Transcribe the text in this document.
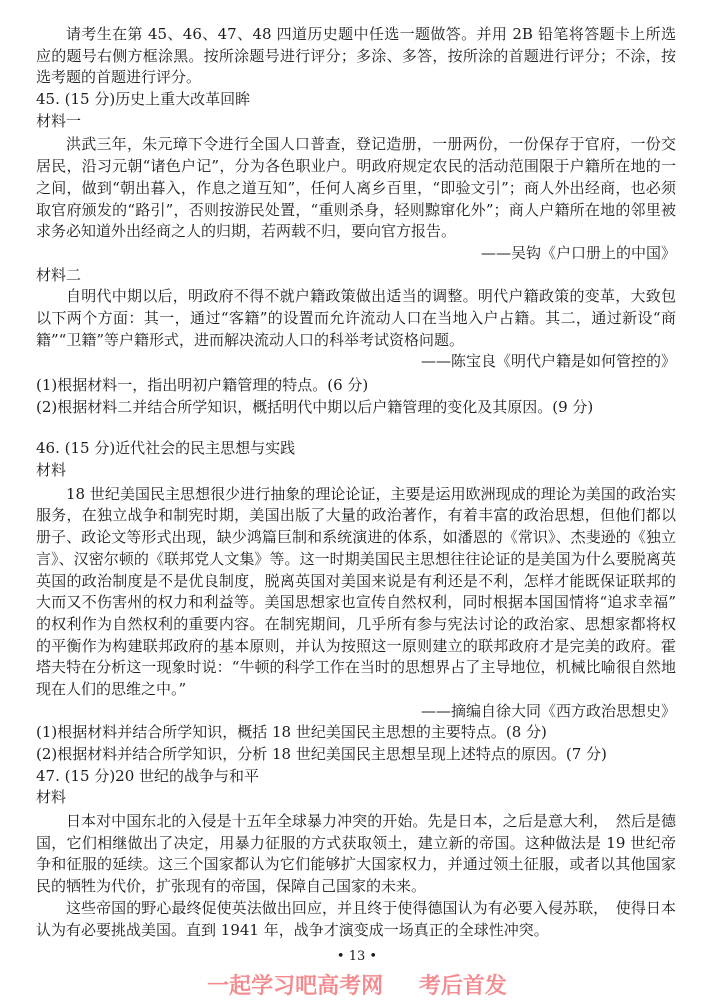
请考生在第 45、46、47、48 四道历史题中任选一题做答。并用 2B 铅笔将答题卡上所选
应的题号右侧方框涂黑。按所涂题号进行评分；多涂、多答，按所涂的首题进行评分；不涂，按
选考题的首题进行评分。
45. (15 分)历史上重大改革回眸
材料一
洪武三年，朱元璋下令进行全国人口普查，登记造册，一册两份，一份保存于官府，一份交
居民，沿习元朝“诸色户记”，分为各色职业户。明政府规定农民的活动范围限于户籍所在地的一
之间，做到“朝出暮入，作息之道互知”，任何人离乡百里，“即验文引”；商人外出经商，也必须
取官府颁发的“路引”，否则按游民处置，“重则杀身，轻则黥窜化外”；商人户籍所在地的邻里被
求务必知道外出经商之人的归期，若两载不归，要向官方报告。
——吴钩《户口册上的中国》
材料二
自明代中期以后，明政府不得不就户籍政策做出适当的调整。明代户籍政策的变革，大致包
以下两个方面：其一，通过“客籍”的设置而允许流动人口在当地入户占籍。其二，通过新设“商
籍”“卫籍”等户籍形式，进而解决流动人口的科举考试资格问题。
——陈宝良《明代户籍是如何管控的》
(1)根据材料一，指出明初户籍管理的特点。(6 分)
(2)根据材料二并结合所学知识，概括明代中期以后户籍管理的变化及其原因。(9 分)
46. (15 分)近代社会的民主思想与实践
材料
18 世纪美国民主思想很少进行抽象的理论论证，主要是运用欧洲现成的理论为美国的政治实
服务，在独立战争和制宪时期，美国出版了大量的政治著作，有着丰富的政治思想，但他们都以
册子、政论文等形式出现，缺少鸿篇巨制和系统演进的体系，如潘恩的《常识》、杰斐逊的《独立
言》、汉密尔顿的《联邦党人文集》等。这一时期美国民主思想往往论证的是美国为什么要脱离英
英国的政治制度是不是优良制度，脱离英国对美国来说是有利还是不利，怎样才能既保证联邦的
大而又不伤害州的权力和利益等。美国思想家也宣传自然权利，同时根据本国国情将“追求幸福”
的权利作为自然权利的重要内容。在制宪期间，几乎所有参与宪法讨论的政治家、思想家都将权
的平衡作为构建联邦政府的基本原则，并认为按照这一原则建立的联邦政府才是完美的政府。霍
塔夫特在分析这一现象时说：“牛顿的科学工作在当时的思想界占了主导地位，机械比喻很自然地
现在人们的思维之中。”
——摘编自徐大同《西方政治思想史》
(1)根据材料并结合所学知识，概括 18 世纪美国民主思想的主要特点。(8 分)
(2)根据材料并结合所学知识，分析 18 世纪美国民主思想呈现上述特点的原因。(7 分)
47. (15 分)20 世纪的战争与和平
材料
日本对中国东北的入侵是十五年全球暴力冲突的开始。先是日本，之后是意大利，　然后是德
国，它们相继做出了决定，用暴力征服的方式获取领土，建立新的帝国。这种做法是 19 世纪帝
争和征服的延续。这三个国家都认为它们能够扩大国家权力，并通过领土征服，或者以其他国家
民的牺牲为代价，扩张现有的帝国，保障自己国家的未来。
这些帝国的野心最终促使英法做出回应，并且终于使得德国认为有必要入侵苏联，　使得日本
认为有必要挑战美国。直到 1941 年，战争才演变成一场真正的全球性冲突。
• 13 •
一起学习吧高考网 考后首发
